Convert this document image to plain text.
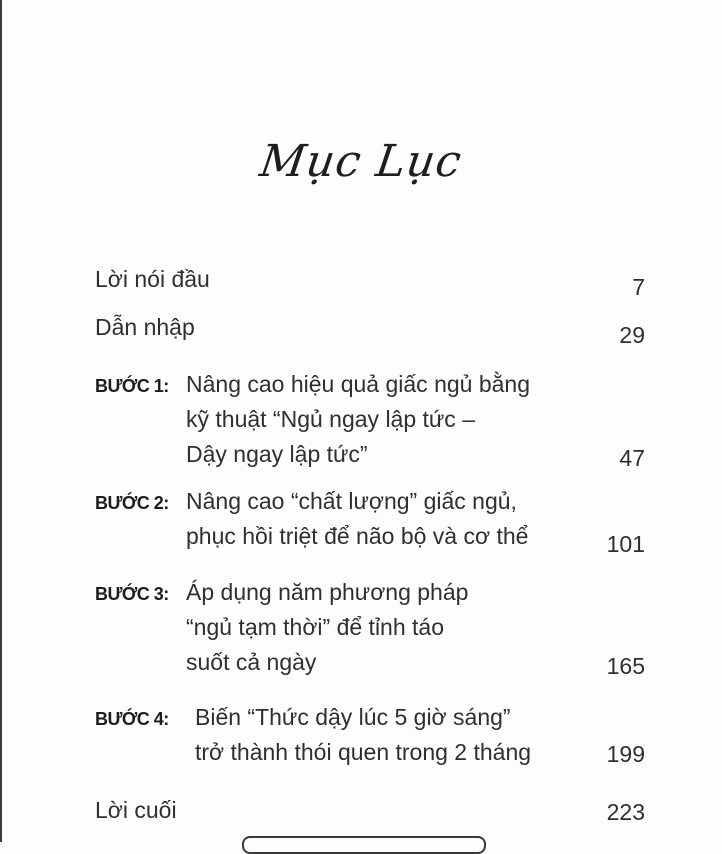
Mục Lục
Lời nói đầu	7
Dẫn nhập	29
BƯỚC 1: Nâng cao hiệu quả giấc ngủ bằng
kỹ thuật “Ngủ ngay lập tức –
Dậy ngay lập tức”	47
BƯỚC 2: Nâng cao “chất lượng” giấc ngủ,
phục hồi triệt để não bộ và cơ thể	101
BƯỚC 3: Áp dụng năm phương pháp
“ngủ tạm thời” để tỉnh táo
suốt cả ngày	165
BƯỚC 4: Biến “Thức dậy lúc 5 giờ sáng”
trở thành thói quen trong 2 tháng	199
Lời cuối	223
